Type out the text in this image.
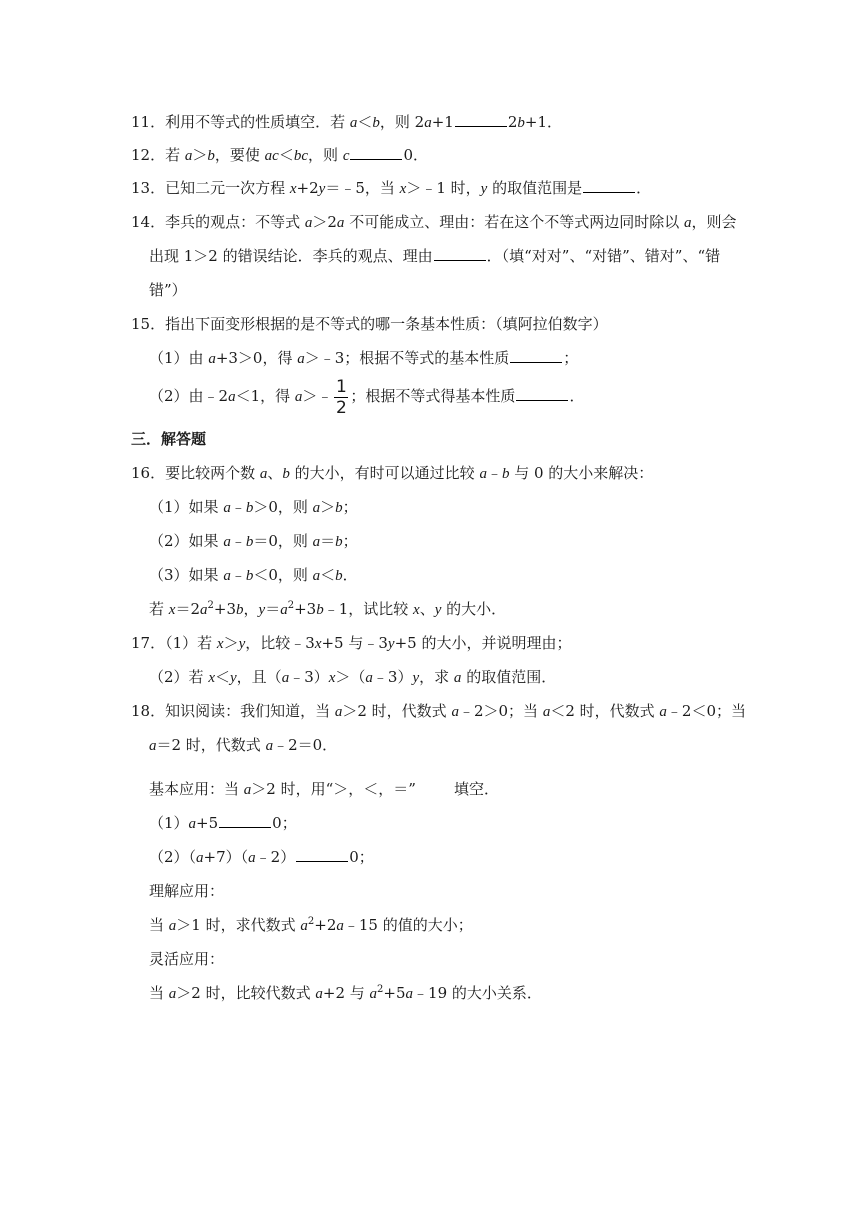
11．利用不等式的性质填空．若 a＜b，则 2a+1	2b+1．
12．若 a＞b，要使 ac＜bc，则 c	0．
13．已知二元一次方程 x+2y＝﹣5，当 x＞﹣1 时，y 的取值范围是	．
14．李兵的观点：不等式 a＞2a 不可能成立、理由：若在这个不等式两边同时除以 a，则会
出现 1＞2 的错误结论．李兵的观点、理由	．（填“对对”、“对错”、错对”、“错
错”）
15．指出下面变形根据的是不等式的哪一条基本性质：（填阿拉伯数字）
（1）由 a+3＞0，得 a＞﹣3；根据不等式的基本性质	；
（2）由﹣2a＜1，得 a＞﹣ $\frac{1}{2}$ ；根据不等式得基本性质	．
三．解答题
16．要比较两个数 a、b 的大小，有时可以通过比较 a﹣b 与 0 的大小来解决：
（1）如果 a﹣b＞0，则 a＞b；
（2）如果 a﹣b＝0，则 a＝b；
（3）如果 a﹣b＜0，则 a＜b．
若 $x=2a^2+3b$，$y=a^2+3b﹣1$，试比较 x、y 的大小．
17．（1）若 x＞y，比较﹣3x+5 与﹣3y+5 的大小，并说明理由；
（2）若 x＜y，且（a﹣3）x＞（a﹣3）y，求 a 的取值范围．
18．知识阅读：我们知道，当 a＞2 时，代数式 a﹣2＞0；当 a＜2 时，代数式 a﹣2＜0；当
a＝2 时，代数式 a﹣2＝0．
基本应用：当 a＞2 时，用“＞，＜，＝”	填空．
（1）a+5	0；
（2）（a+7）（a﹣2）	0；
理解应用：
当 a＞1 时，求代数式 $a^2+2a﹣15$ 的值的大小；
灵活应用：
当 a＞2 时，比较代数式 a+2 与 $a^2+5a﹣19$ 的大小关系．
